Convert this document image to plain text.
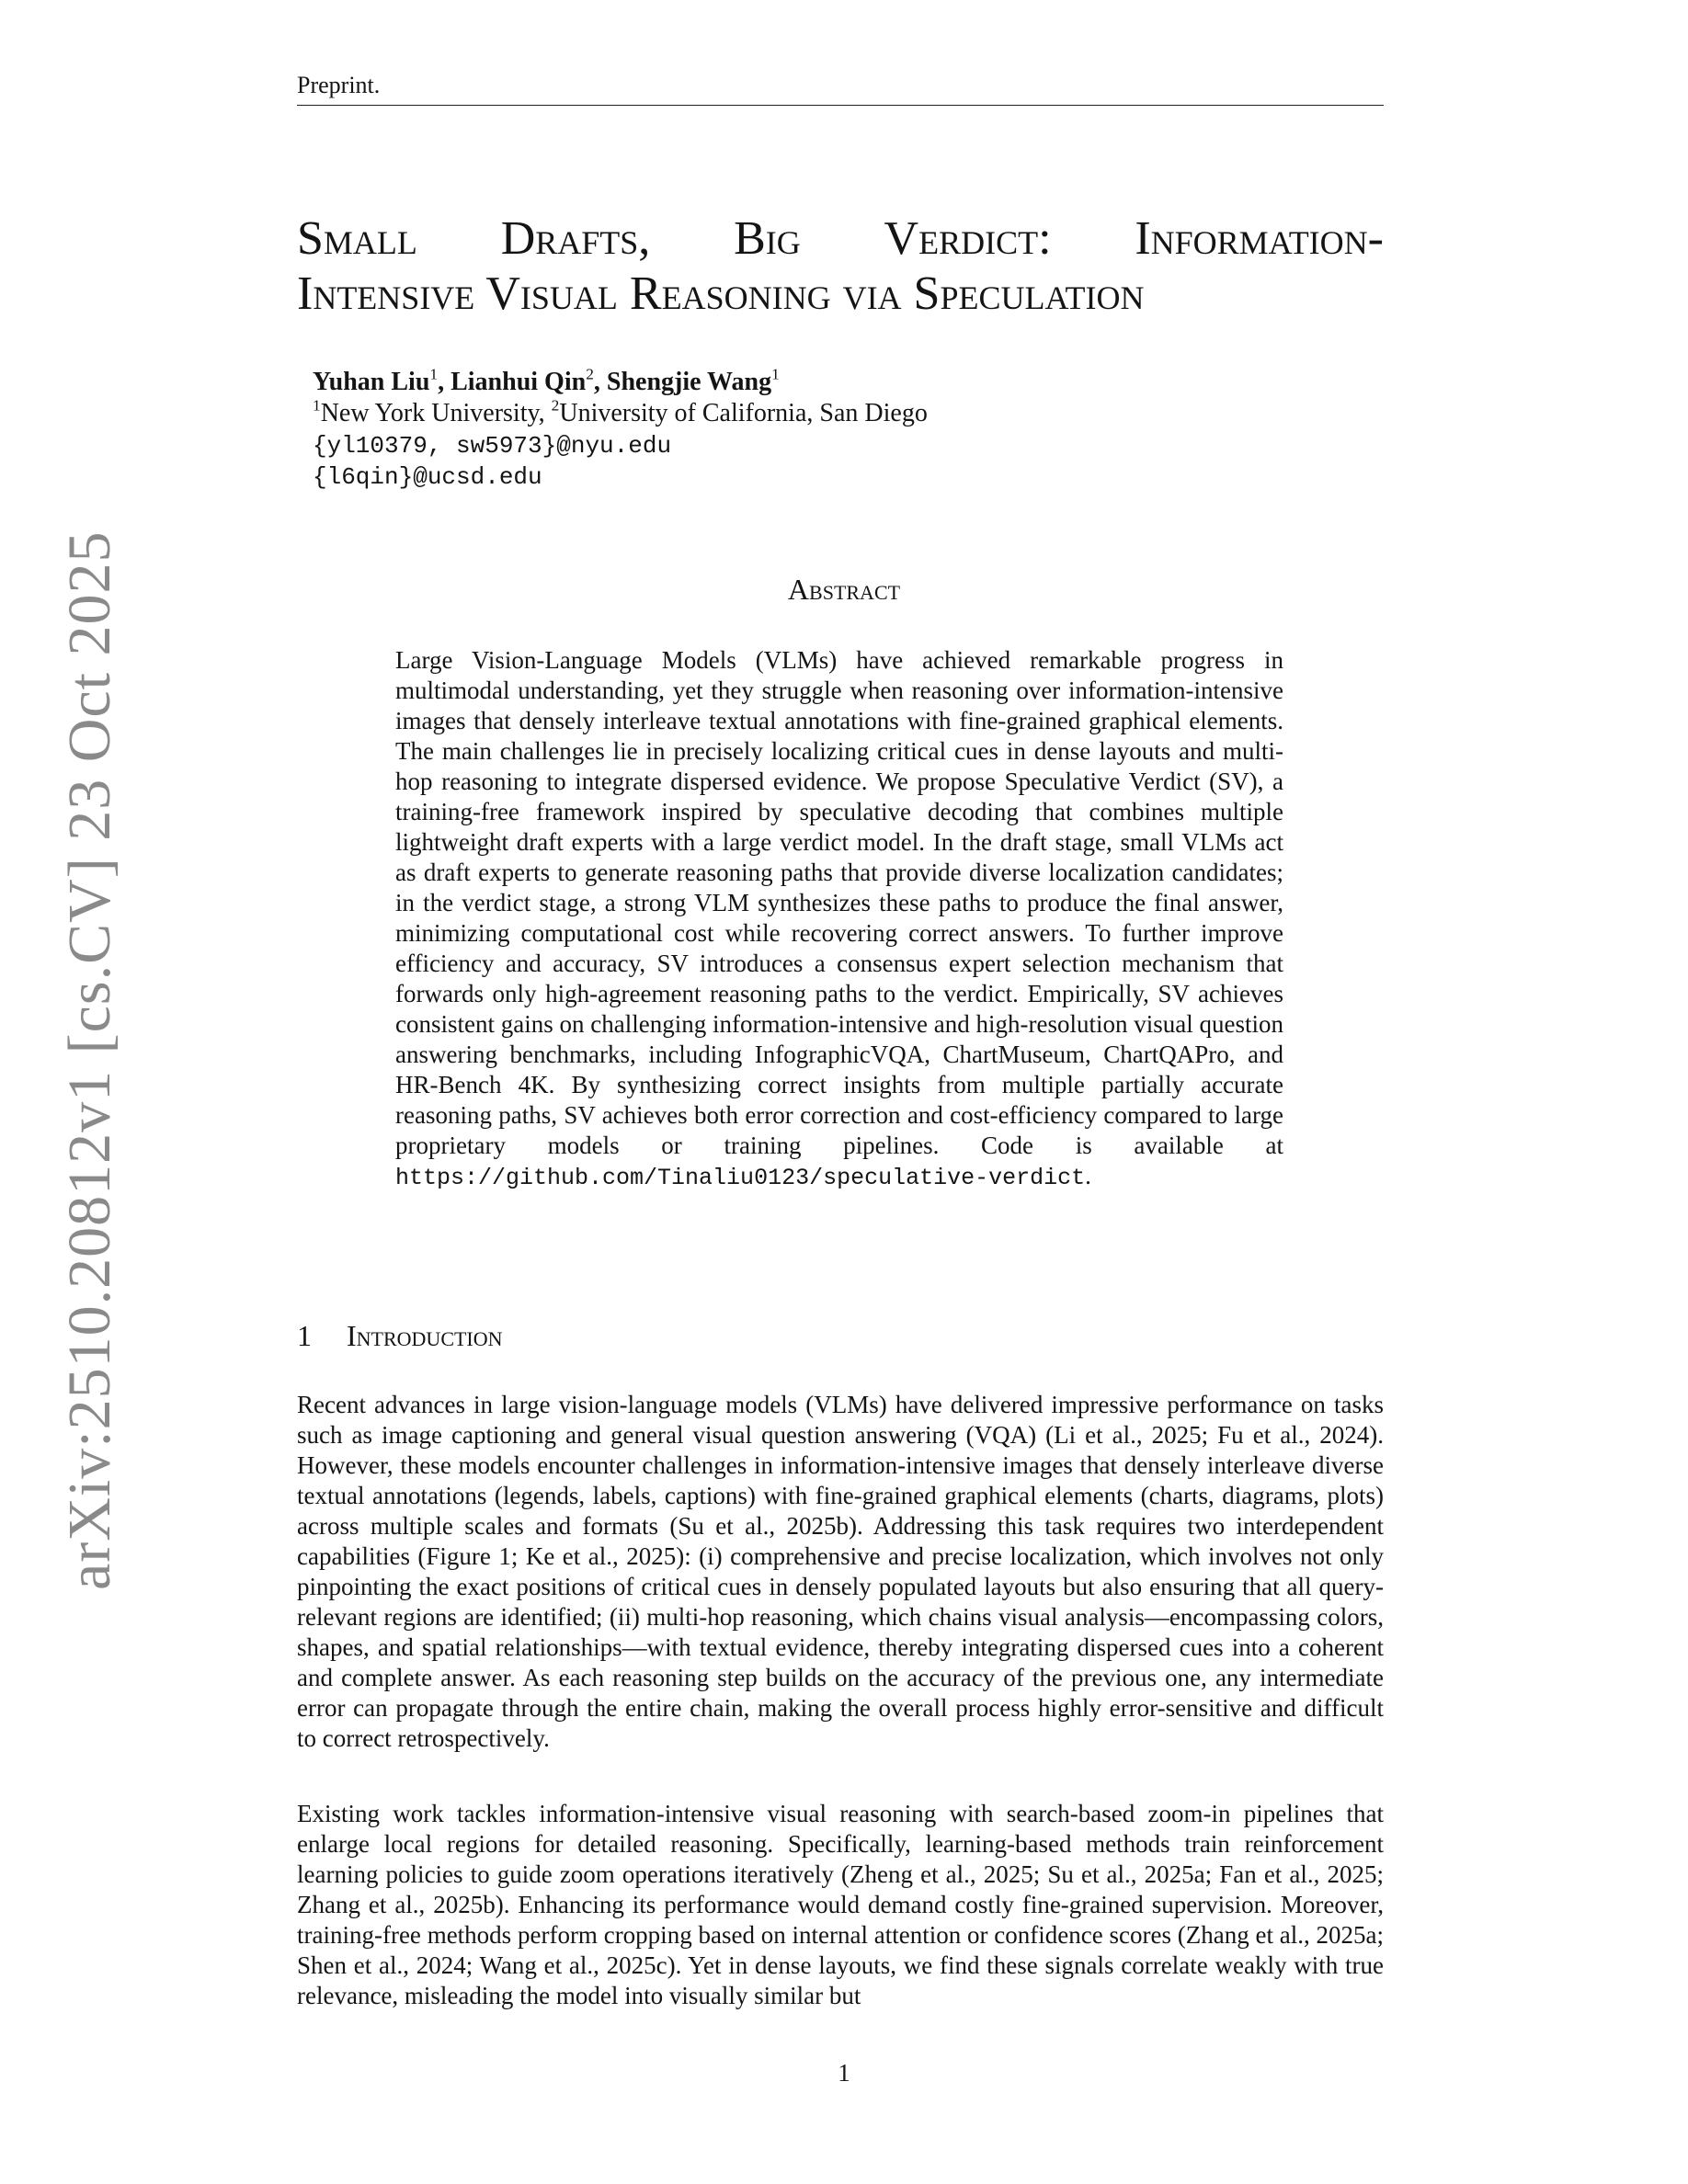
Preprint.
arXiv:2510.20812v1 [cs.CV] 23 Oct 2025
Small Drafts, Big Verdict: Information-
Intensive Visual Reasoning via Speculation
Yuhan Liu$^1$, Lianhui Qin$^2$, Shengjie Wang$^1$
$^1$New York University, $^2$University of California, San Diego
{yl10379, sw5973}@nyu.edu
{l6qin}@ucsd.edu
Abstract

Large Vision-Language Models (VLMs) have achieved remarkable progress in multimodal understanding, yet they struggle when reasoning over information-intensive images that densely interleave textual annotations with fine-grained graphical elements. The main challenges lie in precisely localizing critical cues in dense layouts and multi-hop reasoning to integrate dispersed evidence. We propose Speculative Verdict (SV), a training-free framework inspired by speculative decoding that combines multiple lightweight draft experts with a large verdict model. In the draft stage, small VLMs act as draft experts to generate reasoning paths that provide diverse localization candidates; in the verdict stage, a strong VLM synthesizes these paths to produce the final answer, minimizing computational cost while recovering correct answers. To further improve efficiency and accuracy, SV introduces a consensus expert selection mechanism that forwards only high-agreement reasoning paths to the verdict. Empirically, SV achieves consistent gains on challenging information-intensive and high-resolution visual question answering benchmarks, including InfographicVQA, ChartMuseum, ChartQAPro, and HR-Bench 4K. By synthesizing correct insights from multiple partially accurate reasoning paths, SV achieves both error correction and cost-efficiency compared to large proprietary models or training pipelines. Code is available at https://github.com/Tinaliu0123/speculative-verdict.

1 Introduction

Recent advances in large vision-language models (VLMs) have delivered impressive performance on tasks such as image captioning and general visual question answering (VQA) (Li et al., 2025; Fu et al., 2024). However, these models encounter challenges in information-intensive images that densely interleave diverse textual annotations (legends, labels, captions) with fine-grained graphical elements (charts, diagrams, plots) across multiple scales and formats (Su et al., 2025b). Addressing this task requires two interdependent capabilities (Figure 1; Ke et al., 2025): (i) comprehensive and precise localization, which involves not only pinpointing the exact positions of critical cues in densely populated layouts but also ensuring that all query-relevant regions are identified; (ii) multi-hop reasoning, which chains visual analysis—encompassing colors, shapes, and spatial relationships—with textual evidence, thereby integrating dispersed cues into a coherent and complete answer. As each reasoning step builds on the accuracy of the previous one, any intermediate error can propagate through the entire chain, making the overall process highly error-sensitive and difficult to correct retrospectively.

Existing work tackles information-intensive visual reasoning with search-based zoom-in pipelines that enlarge local regions for detailed reasoning. Specifically, learning-based methods train reinforcement learning policies to guide zoom operations iteratively (Zheng et al., 2025; Su et al., 2025a; Fan et al., 2025; Zhang et al., 2025b). Enhancing its performance would demand costly fine-grained supervision. Moreover, training-free methods perform cropping based on internal attention or confidence scores (Zhang et al., 2025a; Shen et al., 2024; Wang et al., 2025c). Yet in dense layouts, we find these signals correlate weakly with true relevance, misleading the model into visually similar but

1
